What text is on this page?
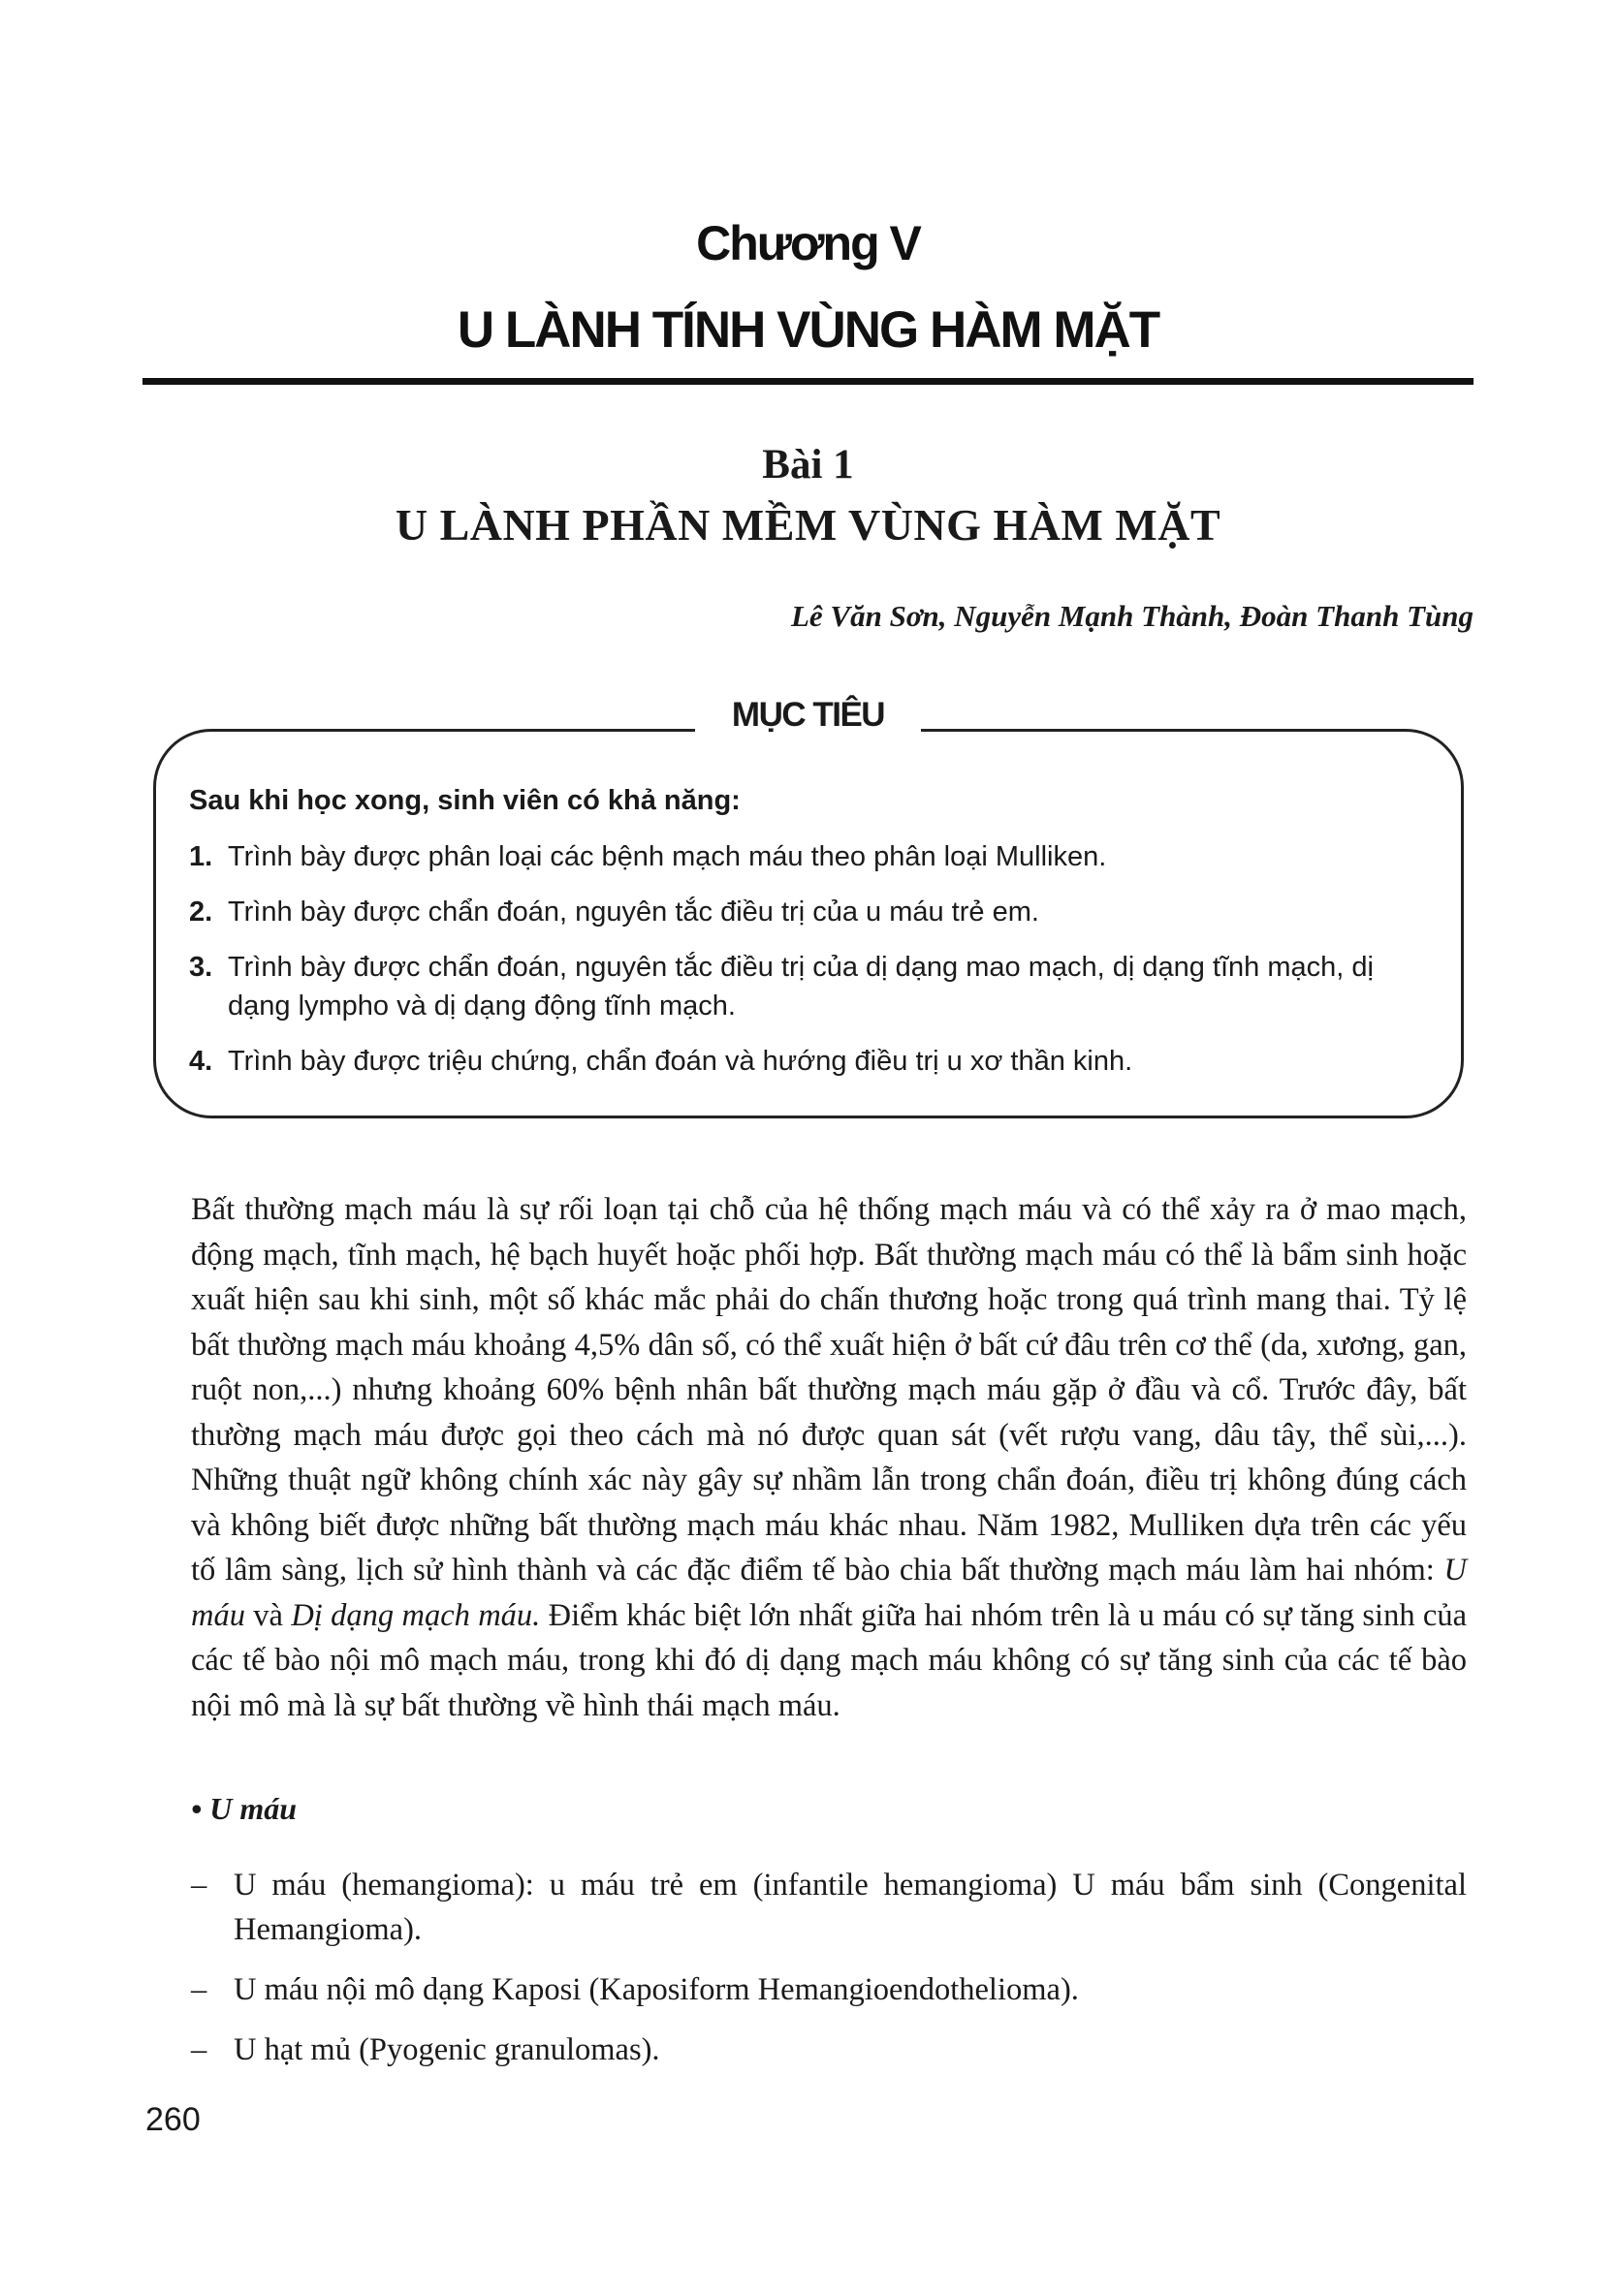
Chương V
U LÀNH TÍNH VÙNG HÀM MẶT
Bài 1
U LÀNH PHẦN MỀM VÙNG HÀM MẶT
Lê Văn Sơn, Nguyễn Mạnh Thành, Đoàn Thanh Tùng
MỤC TIÊU
Sau khi học xong, sinh viên có khả năng:
1. Trình bày được phân loại các bệnh mạch máu theo phân loại Mulliken.
2. Trình bày được chẩn đoán, nguyên tắc điều trị của u máu trẻ em.
3. Trình bày được chẩn đoán, nguyên tắc điều trị của dị dạng mao mạch, dị dạng tĩnh mạch, dị dạng lympho và dị dạng động tĩnh mạch.
4. Trình bày được triệu chứng, chẩn đoán và hướng điều trị u xơ thần kinh.

Bất thường mạch máu là sự rối loạn tại chỗ của hệ thống mạch máu và có thể xảy ra ở mao mạch, động mạch, tĩnh mạch, hệ bạch huyết hoặc phối hợp. Bất thường mạch máu có thể là bẩm sinh hoặc xuất hiện sau khi sinh, một số khác mắc phải do chấn thương hoặc trong quá trình mang thai. Tỷ lệ bất thường mạch máu khoảng 4,5% dân số, có thể xuất hiện ở bất cứ đâu trên cơ thể (da, xương, gan, ruột non,...) nhưng khoảng 60% bệnh nhân bất thường mạch máu gặp ở đầu và cổ. Trước đây, bất thường mạch máu được gọi theo cách mà nó được quan sát (vết rượu vang, dâu tây, thể sùi,...). Những thuật ngữ không chính xác này gây sự nhầm lẫn trong chẩn đoán, điều trị không đúng cách và không biết được những bất thường mạch máu khác nhau. Năm 1982, Mulliken dựa trên các yếu tố lâm sàng, lịch sử hình thành và các đặc điểm tế bào chia bất thường mạch máu làm hai nhóm: U máu và Dị dạng mạch máu. Điểm khác biệt lớn nhất giữa hai nhóm trên là u máu có sự tăng sinh của các tế bào nội mô mạch máu, trong khi đó dị dạng mạch máu không có sự tăng sinh của các tế bào nội mô mà là sự bất thường về hình thái mạch máu.

• U máu
– U máu (hemangioma): u máu trẻ em (infantile hemangioma) U máu bẩm sinh (Congenital Hemangioma).
– U máu nội mô dạng Kaposi (Kaposiform Hemangioendothelioma).
– U hạt mủ (Pyogenic granulomas).
260
